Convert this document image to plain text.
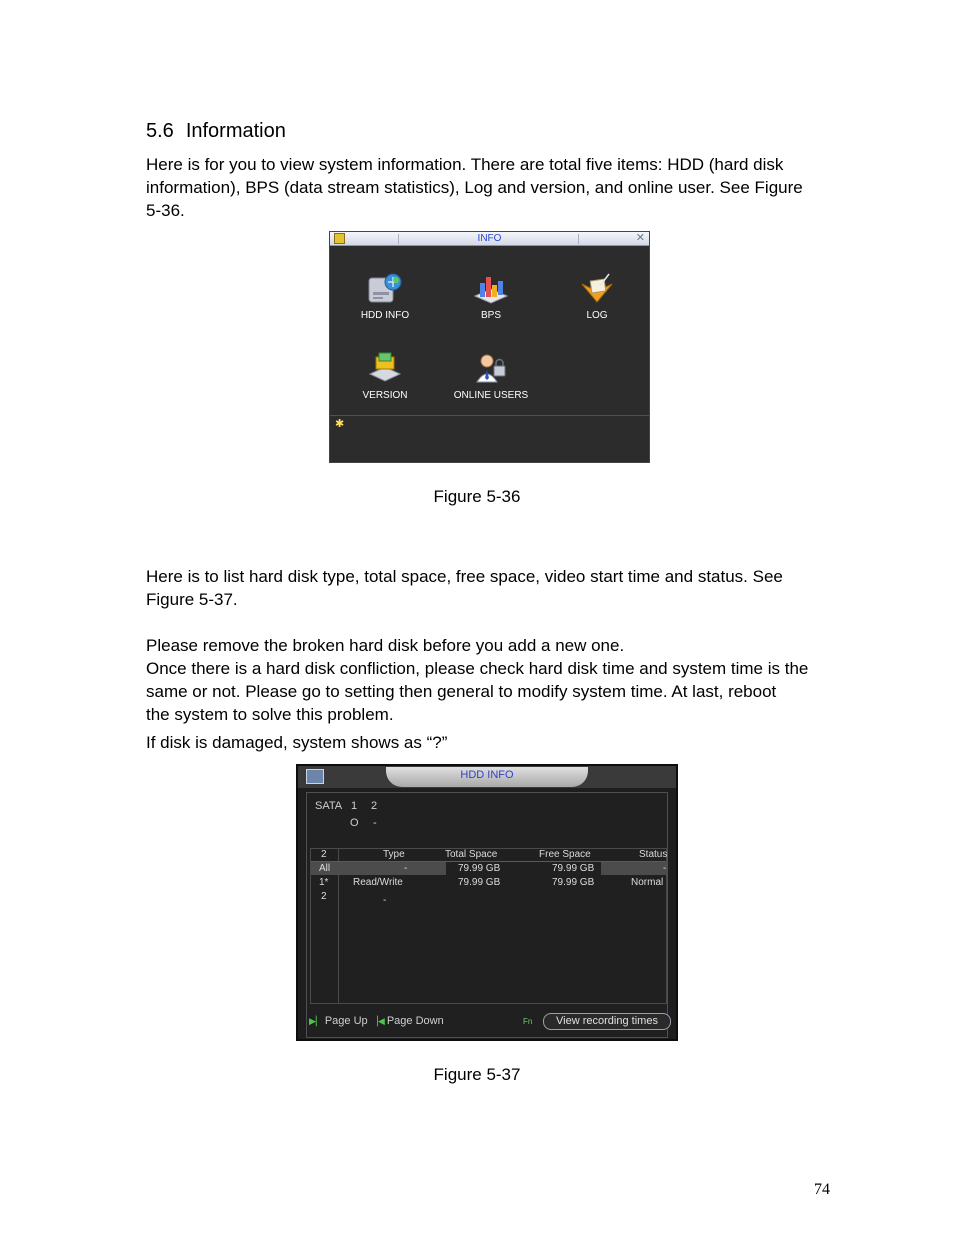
5.6 Information
Here is for you to view system information. There are total five items: HDD (hard disk
information), BPS (data stream statistics), Log and version, and online user. See Figure
5-36.
INFO	✕
HDD INFO	BPS	LOG
VERSION	ONLINE USERS
✱
Figure 5-36
Here is to list hard disk type, total space, free space, video start time and status. See
Figure 5-37.
Please remove the broken hard disk before you add a new one.
Once there is a hard disk confliction, please check hard disk time and system time is the
same or not. Please go to setting then general to modify system time. At last, reboot
the system to solve this problem.
If disk is damaged, system shows as “?”
HDD INFO
SATA 1 2
O -
2	Type	Total Space	Free Space	Status
All	-	79.99 GB	79.99 GB	-
1* Read/Write	79.99 GB	79.99 GB	Normal
2	-
▶▏ Page Up ▕◀ Page Down	Fn	View recording times
Figure 5-37
74
